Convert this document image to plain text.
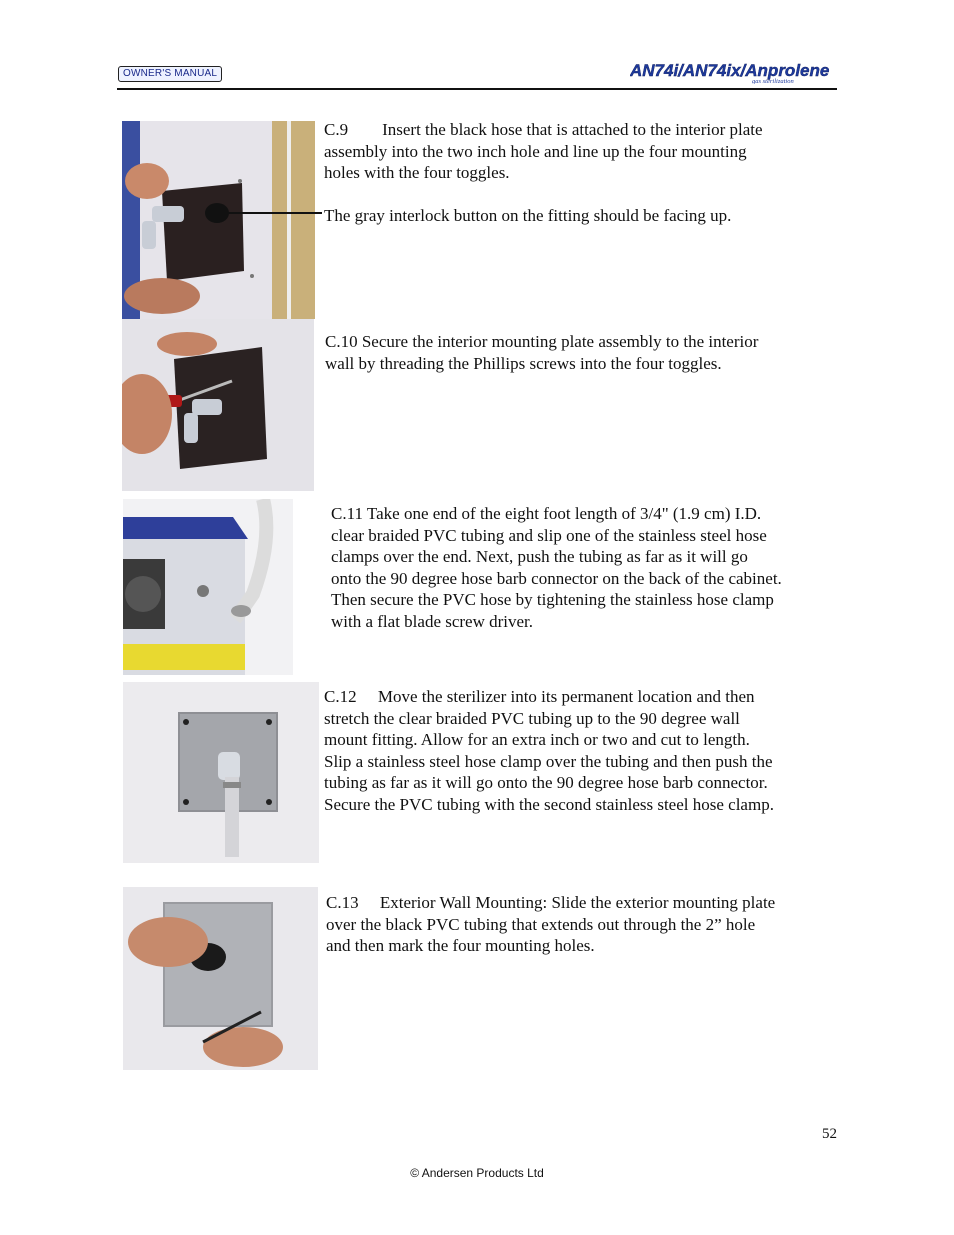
OWNER'S MANUAL	AN74i/AN74ix/Anprolene
gas sterilization

C.9  Insert the black hose that is attached to the interior plate

assembly into the two inch hole and line up the four mounting

holes with the four toggles.

The gray interlock button on the fitting should be facing up.

C.10 Secure the interior mounting plate assembly to the interior

wall by threading the Phillips screws into the four toggles.

C.11 Take one end of the eight foot length of 3/4" (1.9 cm) I.D.

clear braided PVC tubing and slip one of the stainless steel hose

clamps over the end. Next, push the tubing as far as it will go

onto the 90 degree hose barb connector on the back of the cabinet.

Then secure the PVC hose by tightening the stainless hose clamp

with a flat blade screw driver.

C.12  Move the sterilizer into its permanent location and then

stretch the clear braided PVC tubing up to the 90 degree wall

mount fitting. Allow for an extra inch or two and cut to length.

Slip a stainless steel hose clamp over the tubing and then push the

tubing as far as it will go onto the 90 degree hose barb connector.

Secure the PVC tubing with the second stainless steel hose clamp.

C.13  Exterior Wall Mounting: Slide the exterior mounting plate

over the black PVC tubing that extends out through the 2” hole

and then mark the four mounting holes.

52
© Andersen Products Ltd
